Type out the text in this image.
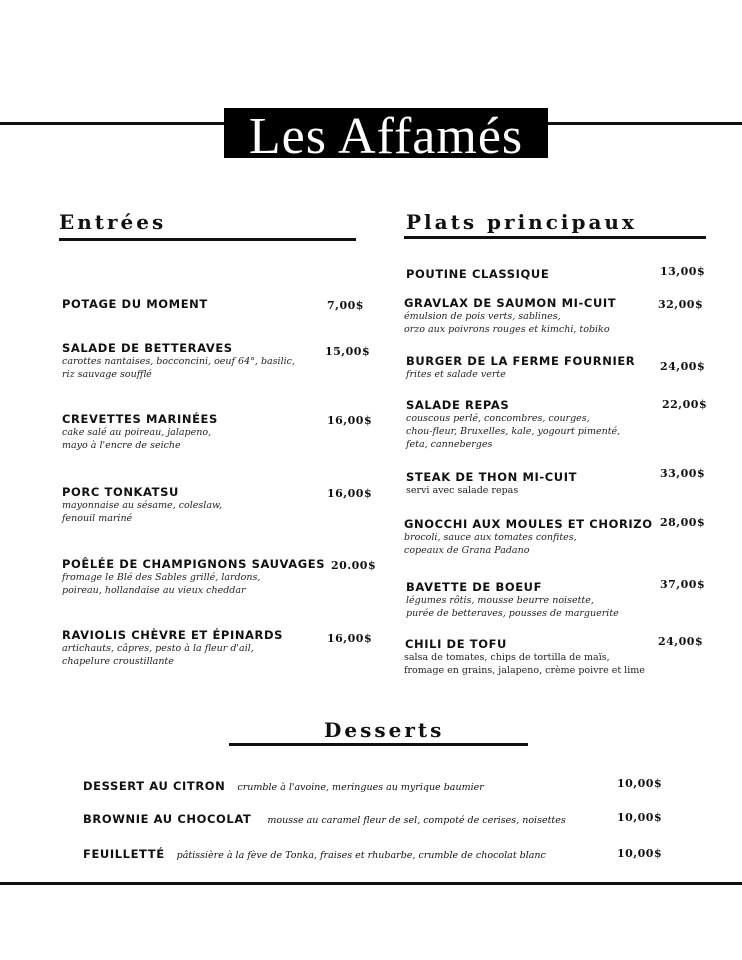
Les Affamés
Entrées	Plats principaux
POTAGE DU MOMENT	7,00$
SALADE DE BETTERAVES
carottes nantaises, bocconcini, oeuf 64°, basilic,
riz sauvage soufflé
15,00$
CREVETTES MARINÉES
cake salé au poireau, jalapeno,
mayo à l'encre de seiche
16,00$
PORC TONKATSU
mayonnaise au sésame, coleslaw,
fenouil mariné
16,00$
POÊLÉE DE CHAMPIGNONS SAUVAGES
fromage le Blé des Sables grillé, lardons,
poireau, hollandaise au vieux cheddar
20.00$
RAVIOLIS CHÈVRE ET ÉPINARDS
artichauts, câpres, pesto à la fleur d'ail,
chapelure croustillante
16,00$
POUTINE CLASSIQUE	13,00$
GRAVLAX DE SAUMON MI-CUIT
émulsion de pois verts, sablines,
orzo aux poivrons rouges et kimchi, tobiko
32,00$
BURGER DE LA FERME FOURNIER
frites et salade verte
24,00$
SALADE REPAS
couscous perlé, concombres, courges,
chou-fleur, Bruxelles, kale, yogourt pimenté,
feta, canneberges
22,00$
STEAK DE THON MI-CUIT
servi avec salade repas
33,00$
GNOCCHI AUX MOULES ET CHORIZO
brocoli, sauce aux tomates confites,
copeaux de Grana Padano
28,00$
BAVETTE DE BOEUF
légumes rôtis, mousse beurre noisette,
purée de betteraves, pousses de marguerite
37,00$
CHILI DE TOFU
salsa de tomates, chips de tortilla de maïs,
fromage en grains, jalapeno, crème poivre et lime
24,00$
Desserts
DESSERT AU CITRON crumble à l'avoine, meringues au myrique baumier	10,00$
BROWNIE AU CHOCOLAT mousse au caramel fleur de sel, compoté de cerises, noisettes	10,00$
FEUILLETTÉ pâtissière à la fève de Tonka, fraises et rhubarbe, crumble de chocolat blanc	10,00$
